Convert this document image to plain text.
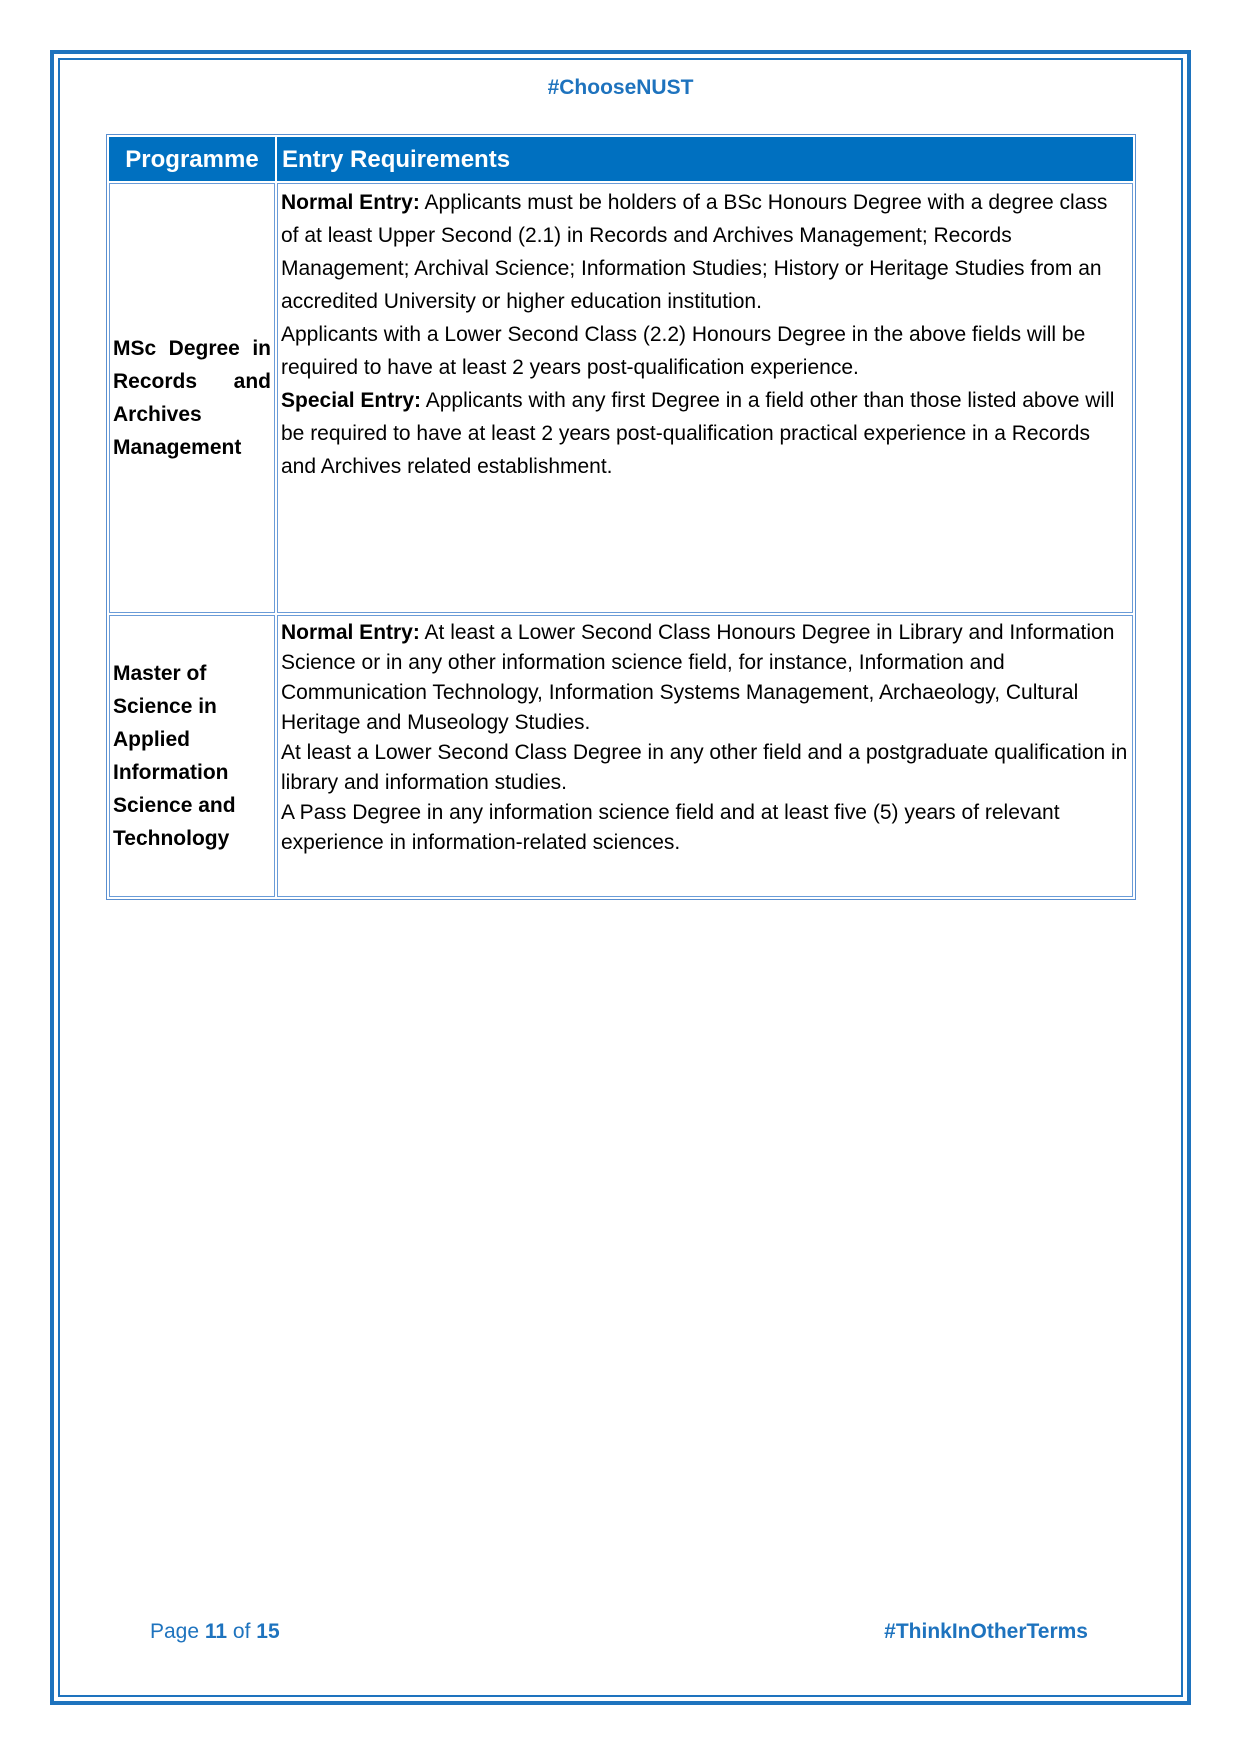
#ChooseNUST
Programme	Entry Requirements
MSc Degree in Records and Archives Management	Normal Entry: Applicants must be holders of a BSc Honours Degree with a degree class of at least Upper Second (2.1) in Records and Archives Management; Records Management; Archival Science; Information Studies; History or Heritage Studies from an accredited University or higher education institution.

Applicants with a Lower Second Class (2.2) Honours Degree in the above fields will be required to have at least 2 years post-qualification experience.

Special Entry: Applicants with any first Degree in a field other than those listed above will be required to have at least 2 years post-qualification practical experience in a Records and Archives related establishment.

Master of Science in Applied Information Science and Technology	Normal Entry: At least a Lower Second Class Honours Degree in Library and Information Science or in any other information science field, for instance, Information and Communication Technology, Information Systems Management, Archaeology, Cultural Heritage and Museology Studies.

At least a Lower Second Class Degree in any other field and a postgraduate qualification in library and information studies.

A Pass Degree in any information science field and at least five (5) years of relevant experience in information-related sciences.

Page 11 of 15	#ThinkInOtherTerms
